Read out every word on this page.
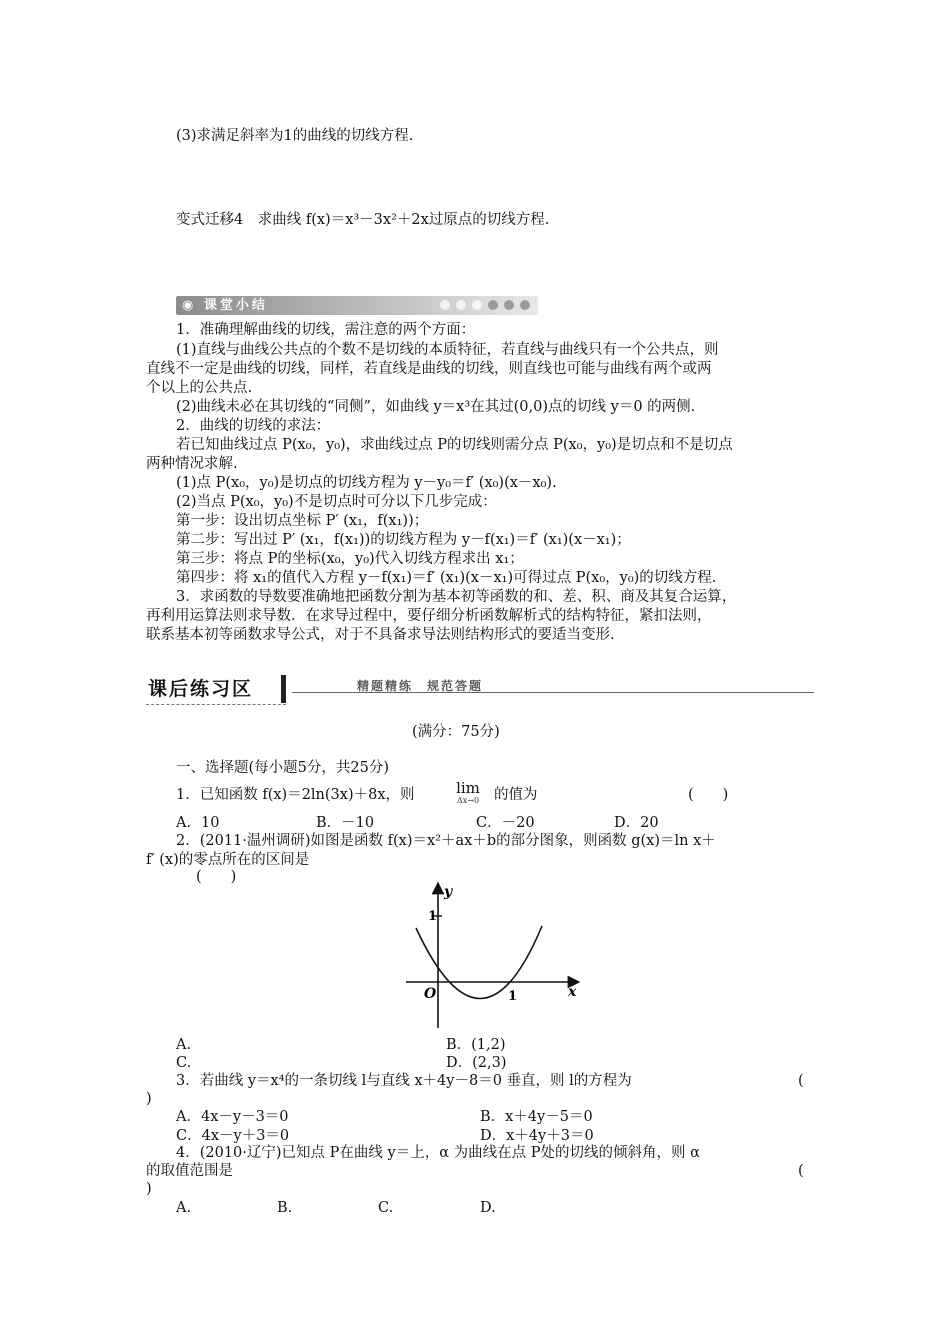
(3)求满足斜率为1的曲线的切线方程.
变式迁移4　求曲线 f(x)＝x³－3x²＋2x过原点的切线方程.
◉ 课堂小结
1．准确理解曲线的切线，需注意的两个方面：
(1)直线与曲线公共点的个数不是切线的本质特征，若直线与曲线只有一个公共点，则
直线不一定是曲线的切线，同样，若直线是曲线的切线，则直线也可能与曲线有两个或两
个以上的公共点.
(2)曲线未必在其切线的“同侧”，如曲线 y＝x³在其过(0,0)点的切线 y＝0 的两侧.
2．曲线的切线的求法：
若已知曲线过点 P(x₀，y₀)，求曲线过点 P的切线则需分点 P(x₀，y₀)是切点和不是切点
两种情况求解.
(1)点 P(x₀，y₀)是切点的切线方程为 y－y₀＝f′ (x₀)(x－x₀).
(2)当点 P(x₀，y₀)不是切点时可分以下几步完成：
第一步：设出切点坐标 P′ (x₁，f(x₁))；
第二步：写出过 P′ (x₁，f(x₁))的切线方程为 y－f(x₁)＝f′ (x₁)(x－x₁)；
第三步：将点 P的坐标(x₀，y₀)代入切线方程求出 x₁；
第四步：将 x₁的值代入方程 y－f(x₁)＝f′ (x₁)(x－x₁)可得过点 P(x₀，y₀)的切线方程.
3．求函数的导数要准确地把函数分割为基本初等函数的和、差、积、商及其复合运算，
再利用运算法则求导数．在求导过程中，要仔细分析函数解析式的结构特征，紧扣法则，
联系基本初等函数求导公式，对于不具备求导法则结构形式的要适当变形.
课后练习区	精题精练　规范答题
(满分：75分)
一、选择题(每小题5分，共25分)
1．已知函数 f(x)＝2ln(3x)＋8x，则	lim
Δx→0	的值为	(　　)
A．10	B．－10	C．－20	D．20
2．(2011·温州调研)如图是函数 f(x)＝x²＋ax＋b的部分图象，则函数 g(x)＝ln x＋
f′ (x)的零点所在的区间是
(　　)
y
x
O
1
1
A.	B．(1,2)
C.	D．(2,3)
3．若曲线 y＝x⁴的一条切线 l与直线 x＋4y－8＝0 垂直，则 l的方程为	(
)
A．4x－y－3＝0	B．x＋4y－5＝0
C．4x－y＋3＝0	D．x＋4y＋3＝0
4．(2010·辽宁)已知点 P在曲线 y＝上，α 为曲线在点 P处的切线的倾斜角，则 α
的取值范围是	(
)
A.	B.	C.	D.
